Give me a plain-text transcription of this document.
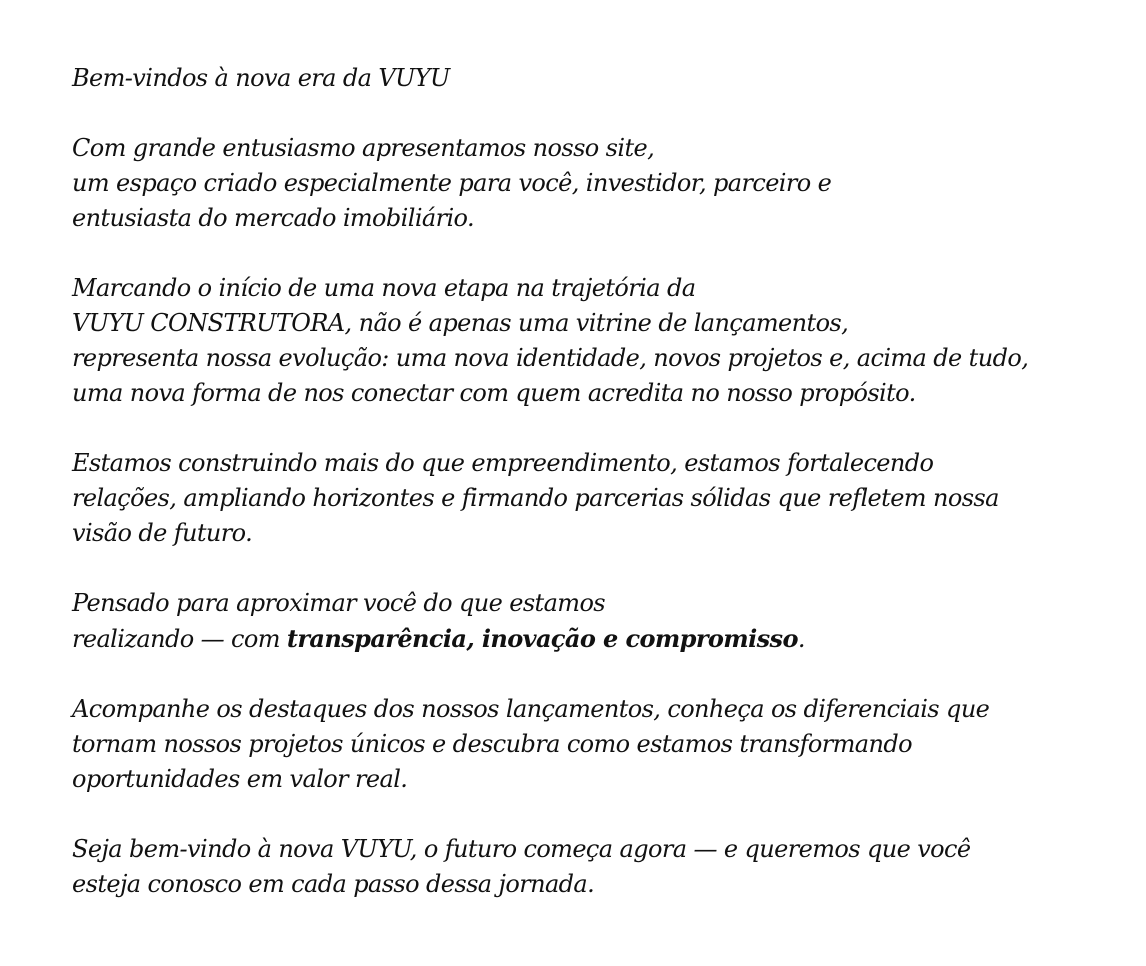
Bem-vindos à nova era da VUYU

Com grande entusiasmo apresentamos nosso site,
um espaço criado especialmente para você, investidor, parceiro e
entusiasta do mercado imobiliário.

Marcando o início de uma nova etapa na trajetória da
VUYU CONSTRUTORA, não é apenas uma vitrine de lançamentos,
representa nossa evolução: uma nova identidade, novos projetos e, acima de tudo,
uma nova forma de nos conectar com quem acredita no nosso propósito.

Estamos construindo mais do que empreendimento, estamos fortalecendo
relações, ampliando horizontes e firmando parcerias sólidas que refletem nossa
visão de futuro.

Pensado para aproximar você do que estamos
realizando — com transparência, inovação e compromisso.

Acompanhe os destaques dos nossos lançamentos, conheça os diferenciais que
tornam nossos projetos únicos e descubra como estamos transformando
oportunidades em valor real.

Seja bem-vindo à nova VUYU, o futuro começa agora — e queremos que você
esteja conosco em cada passo dessa jornada.
